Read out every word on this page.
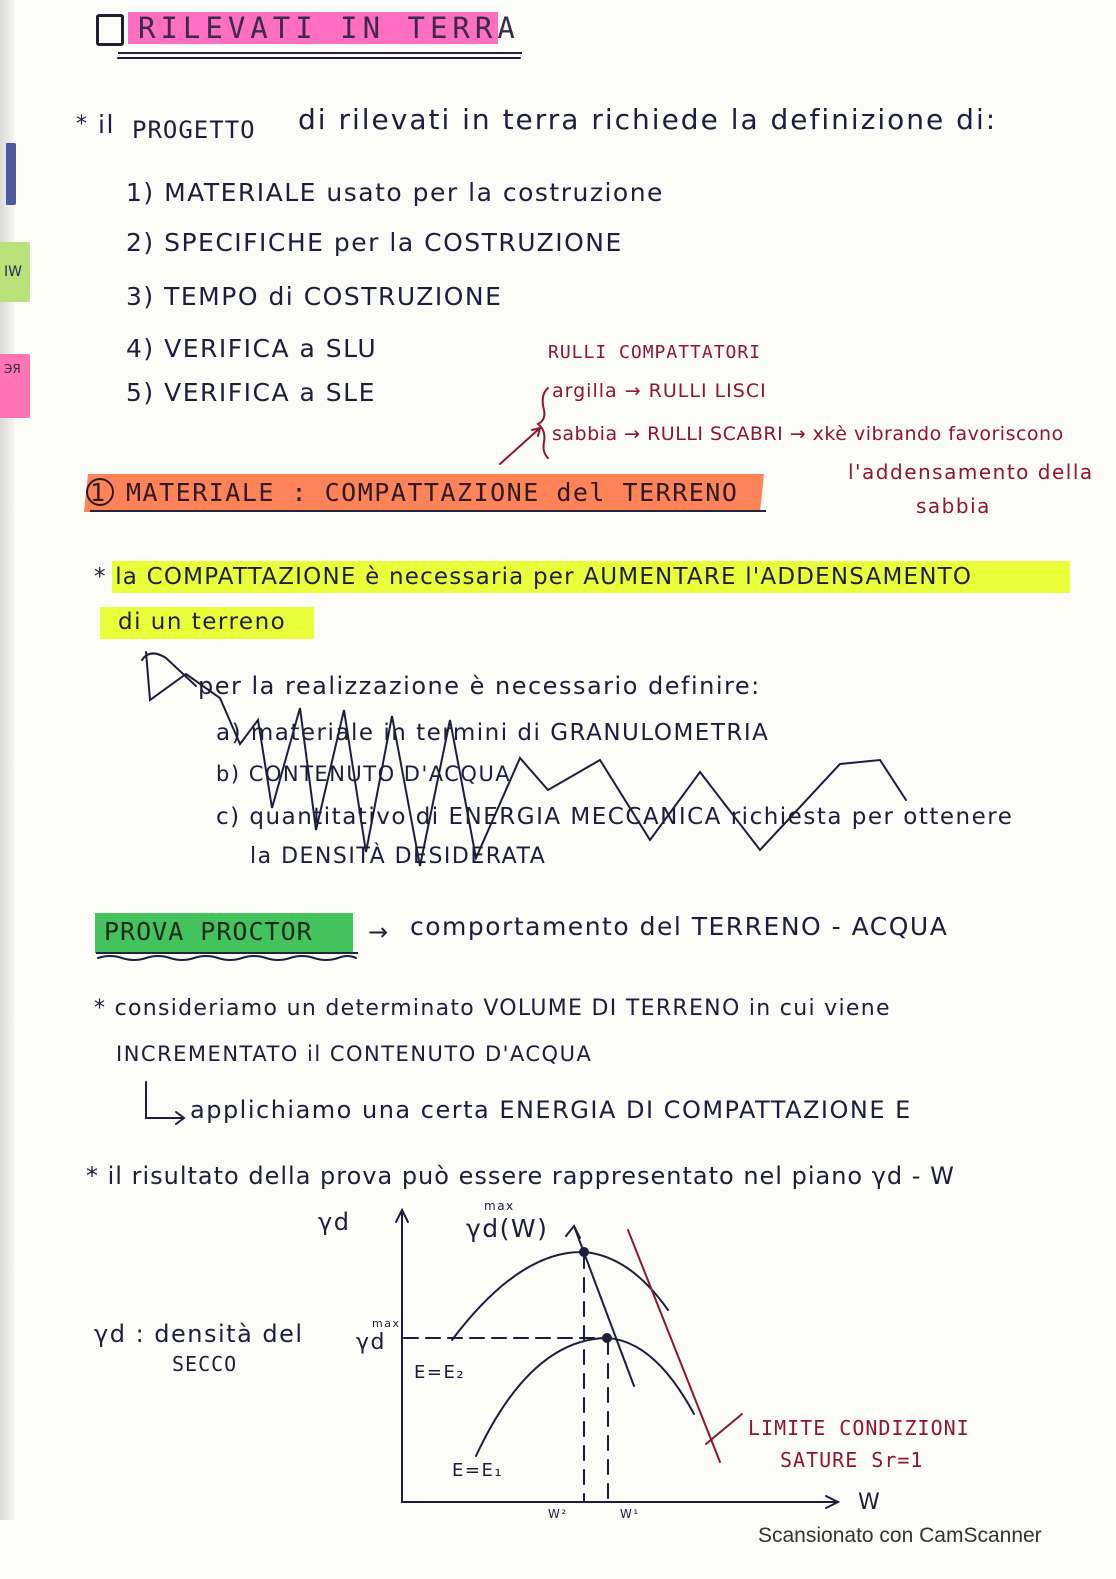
IW
ЭЯ
RILEVATI IN TERRA
* il PROGETTO di rilevati in terra richiede la definizione di:
1) MATERIALE usato per la costruzione
2) SPECIFICHE per la COSTRUZIONE
3) TEMPO di COSTRUZIONE
4) VERIFICA a SLU
5) VERIFICA a SLE
RULLI COMPATTATORI
argilla → RULLI LISCI
sabbia → RULLI SCABRI → xkè vibrando favoriscono
l'addensamento della
sabbia
1 MATERIALE : COMPATTAZIONE del TERRENO
* la COMPATTAZIONE è necessaria per AUMENTARE l'ADDENSAMENTO
di un terreno
per la realizzazione è necessario definire:
a) materiale in termini di GRANULOMETRIA
b) CONTENUTO D'ACQUA
c) quantitativo di ENERGIA MECCANICA richiesta per ottenere
la DENSITÀ DESIDERATA
PROVA PROCTOR → comportamento del TERRENO - ACQUA
* consideriamo un determinato VOLUME DI TERRENO in cui viene
INCREMENTATO il CONTENUTO D'ACQUA
applichiamo una certa ENERGIA DI COMPATTAZIONE E
* il risultato della prova può essere rappresentato nel piano γd - W
γd
W
max
γd(W)
max
γd
E=E₂
E=E₁
γd : densità del
SECCO
LIMITE CONDIZIONI
SATURE Sr=1
W²	W¹
Scansionato con CamScanner
